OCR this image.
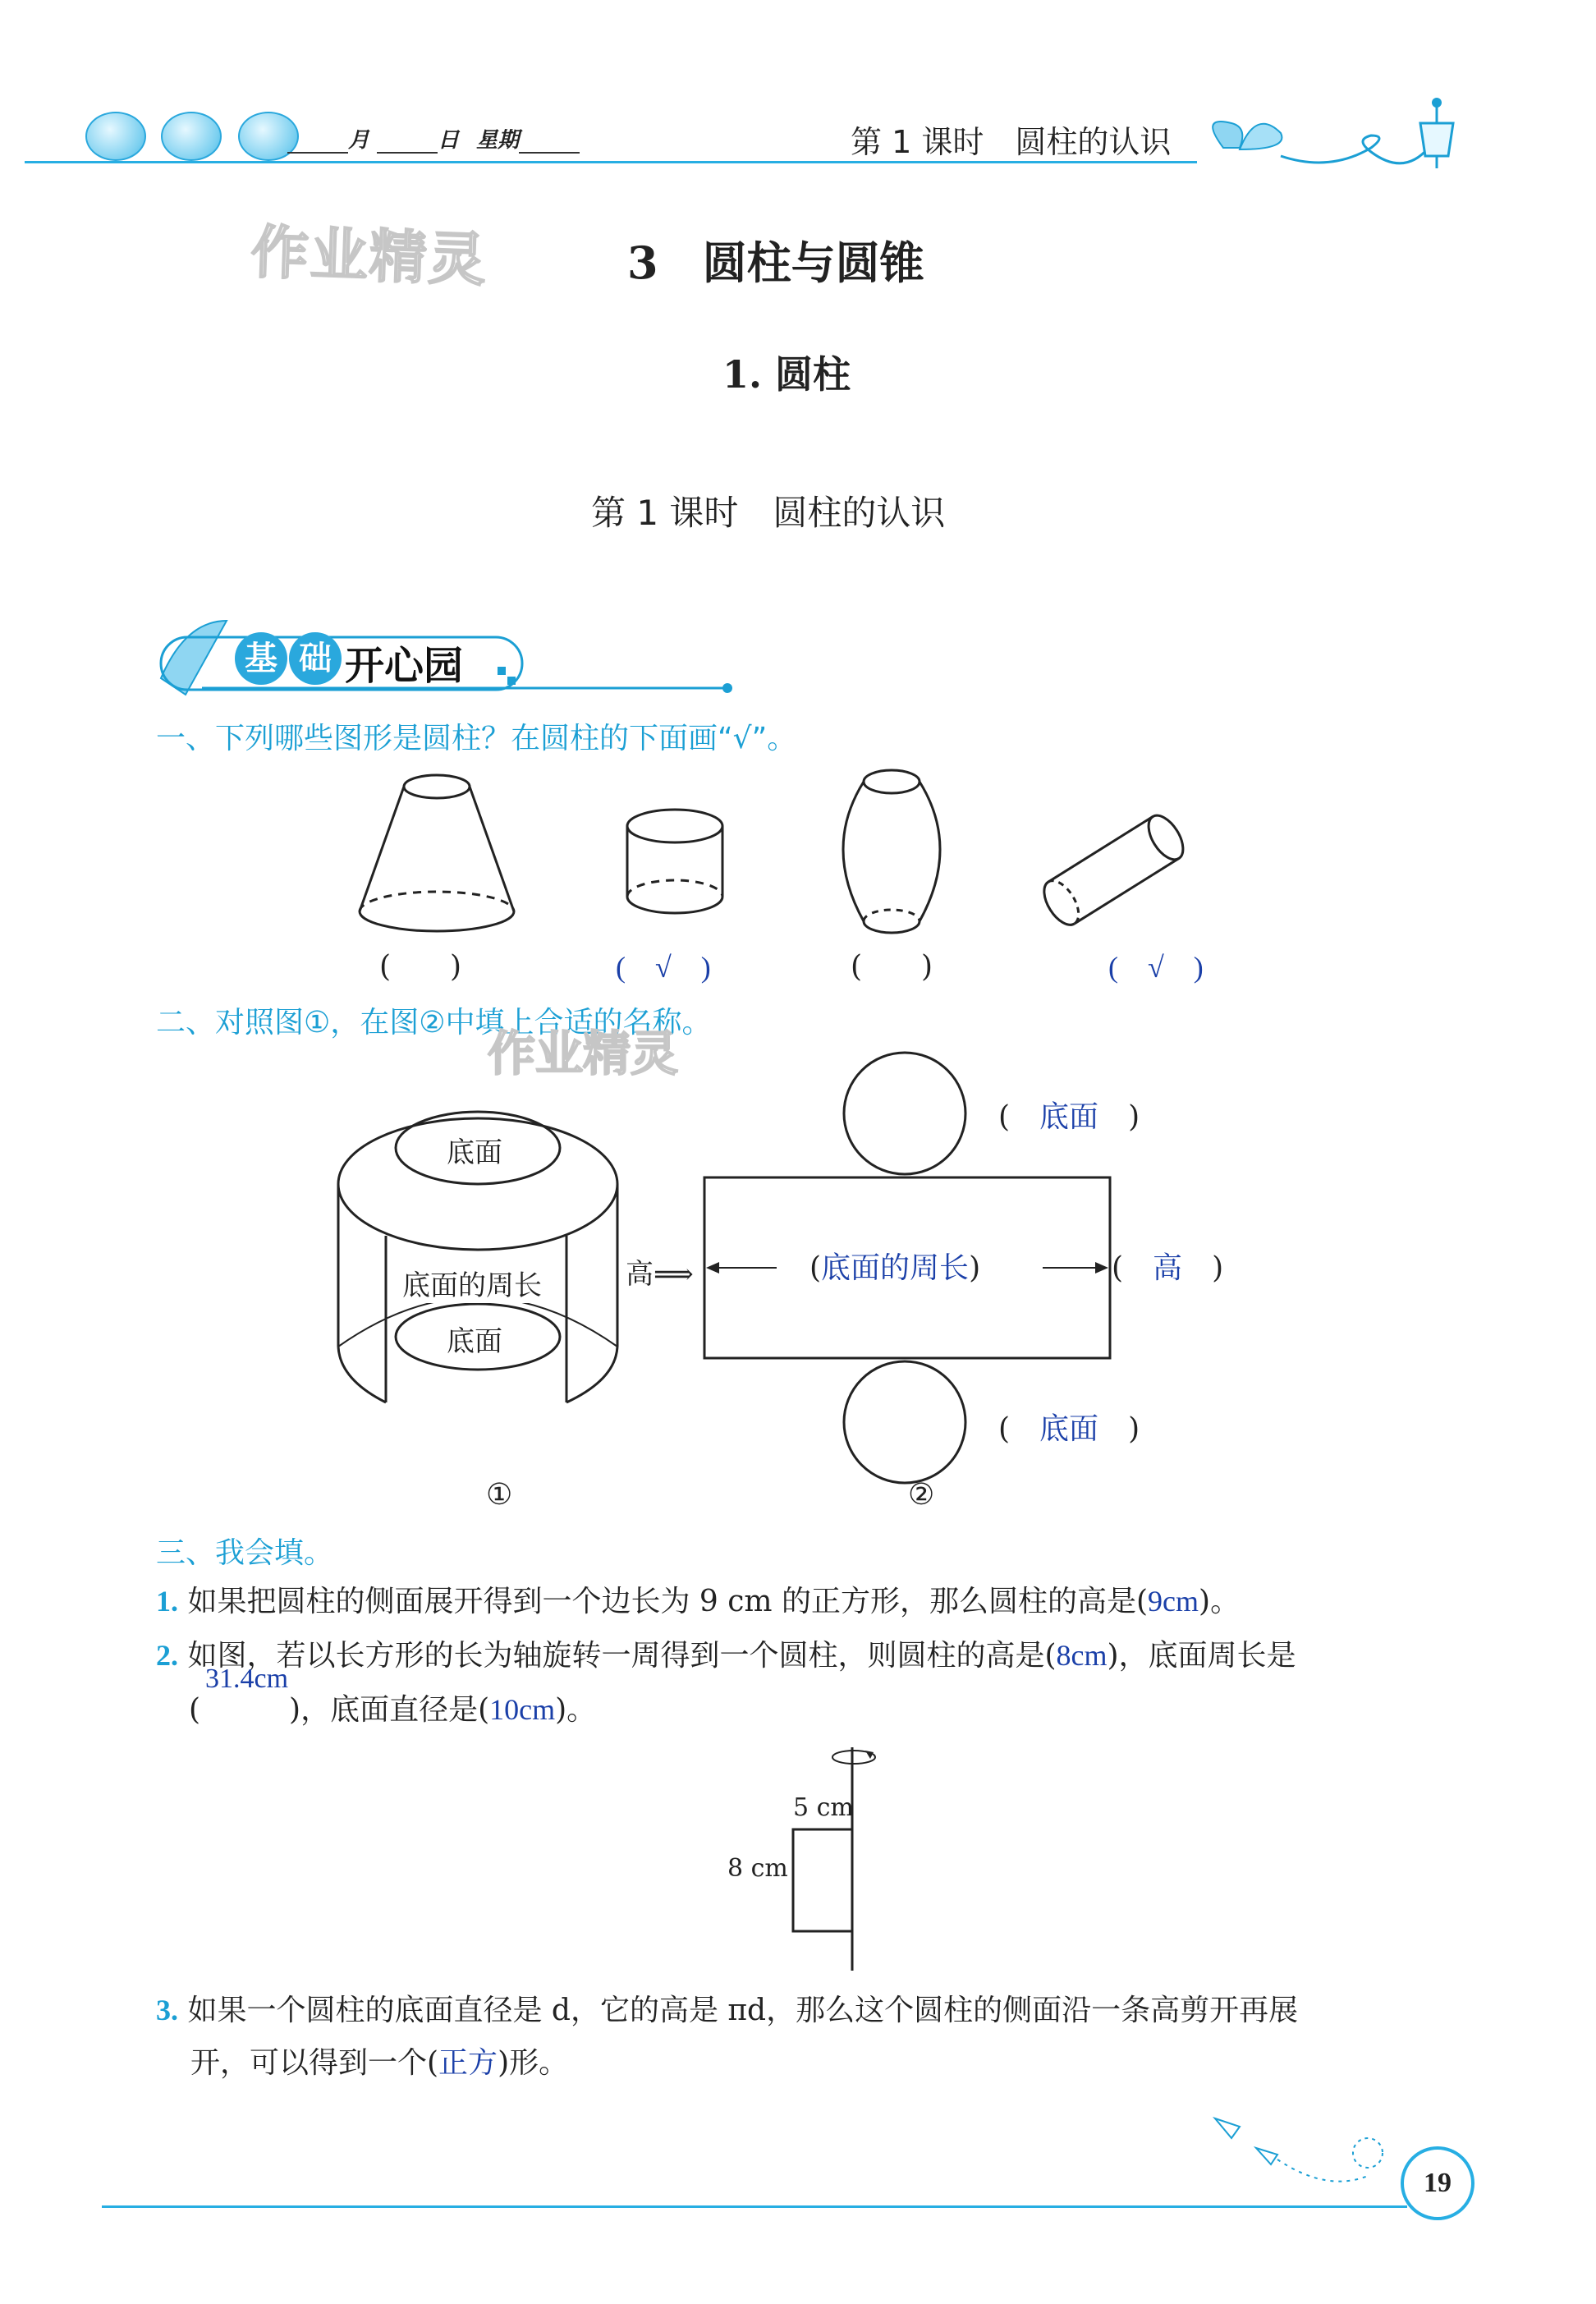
月	日 星期	第 1 课时　圆柱的认识
作业精灵	3　圆柱与圆锥
1. 圆柱
第 1 课时　圆柱的认识
基 础 开心园
一、下列哪些图形是圆柱？在圆柱的下面画“√”。
(　　)	(　√　)	(　　)	(　√　)
二、对照图①，在图②中填上合适的名称。
作业精灵
底面
底面的周长
底面
①
高⟹
(　底面　)
(底面的周长)	(　高　)
(　底面　)
②
三、我会填。
1. 如果把圆柱的侧面展开得到一个边长为 9 cm 的正方形，那么圆柱的高是(9cm)。
2. 如图，若以长方形的长为轴旋转一周得到一个圆柱，则圆柱的高是(8cm)，底面周长是
31.4cm
(　　　)，底面直径是(10cm)。
5 cm
8 cm
3. 如果一个圆柱的底面直径是 d，它的高是 πd，那么这个圆柱的侧面沿一条高剪开再展
开，可以得到一个(正方)形。
19
